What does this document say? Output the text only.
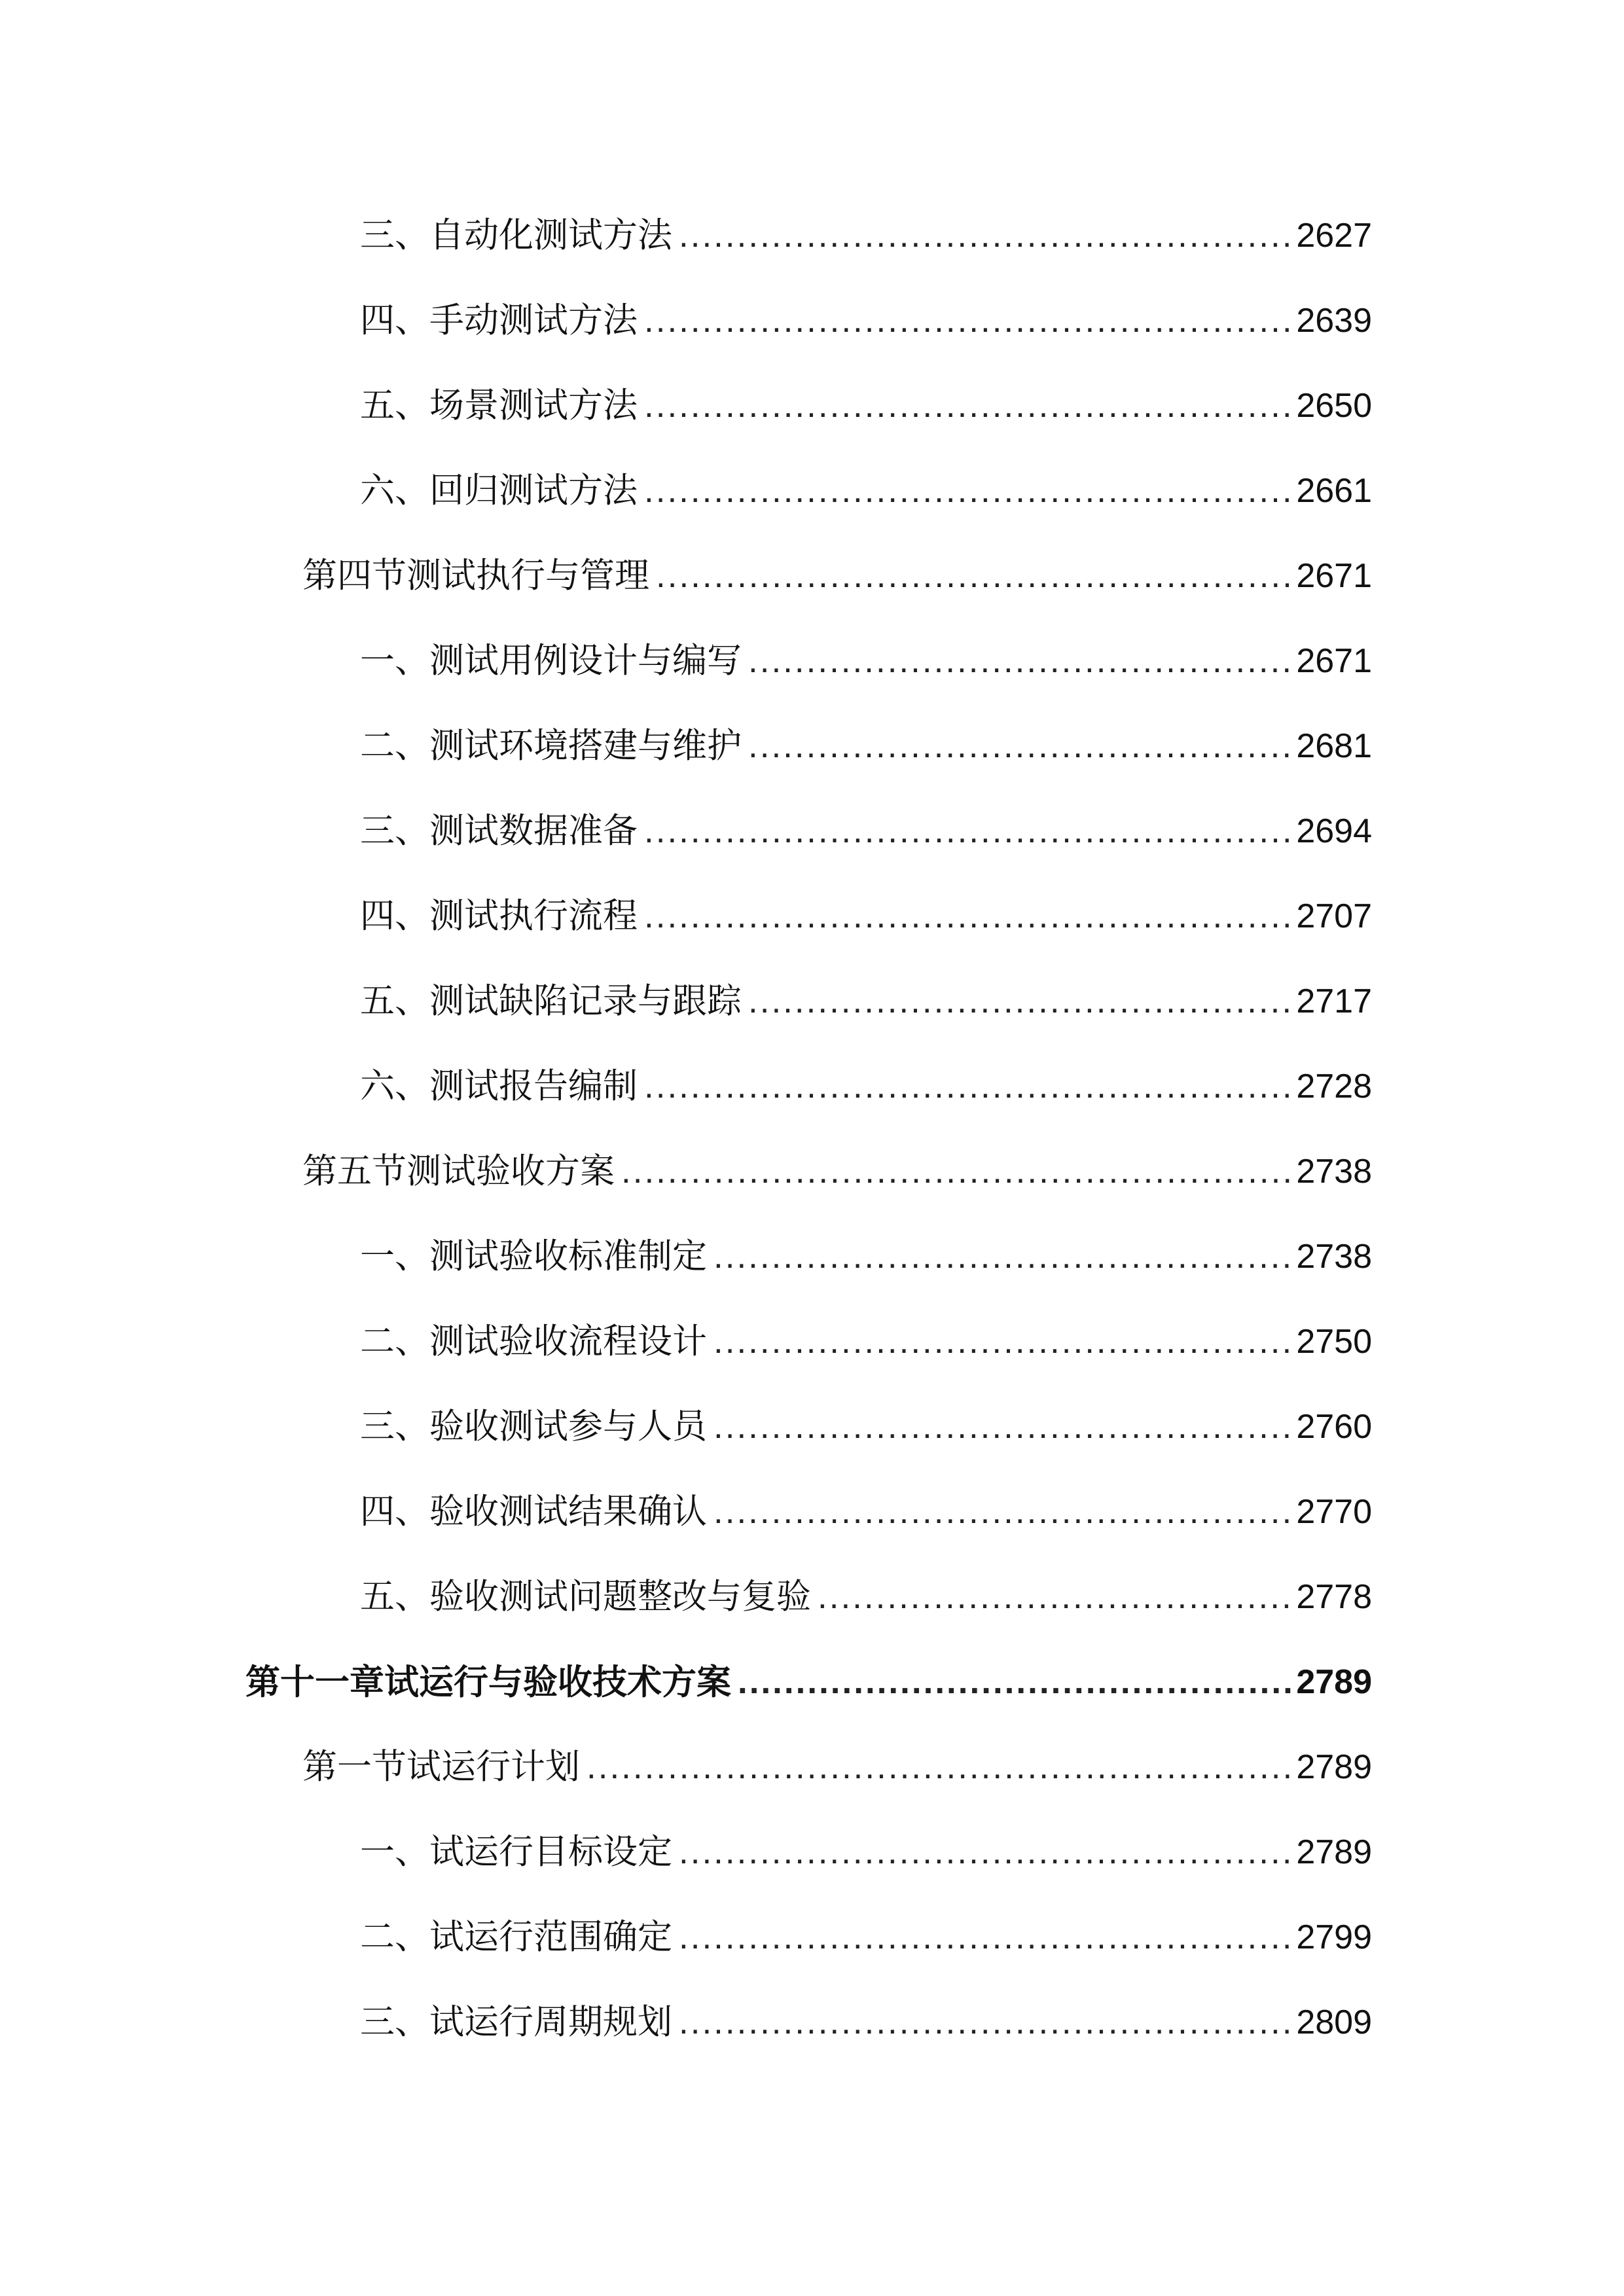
三、自动化测试方法 .....	2627
四、手动测试方法 .....	2639
五、场景测试方法 .....	2650
六、回归测试方法 .....	2661
第四节测试执行与管理 .....	2671
一、测试用例设计与编写 .....	2671
二、测试环境搭建与维护 .....	2681
三、测试数据准备 .....	2694
四、测试执行流程 .....	2707
五、测试缺陷记录与跟踪 .....	2717
六、测试报告编制 .....	2728
第五节测试验收方案 .....	2738
一、测试验收标准制定 .....	2738
二、测试验收流程设计 .....	2750
三、验收测试参与人员 .....	2760
四、验收测试结果确认 .....	2770
五、验收测试问题整改与复验 .....	2778
第十一章试运行与验收技术方案 .....	2789
第一节试运行计划 .....	2789
一、试运行目标设定 .....	2789
二、试运行范围确定 .....	2799
三、试运行周期规划 .....	2809
